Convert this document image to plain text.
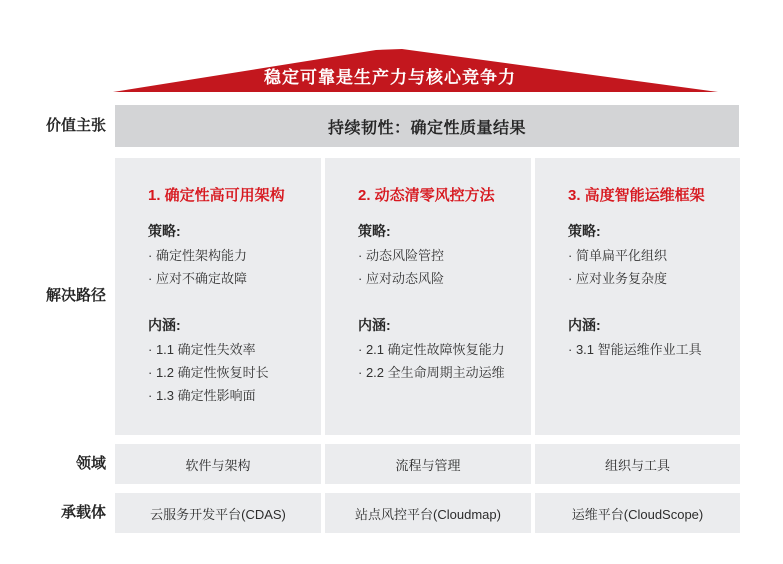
稳定可靠是生产力与核心竞争力
价值主张	持续韧性：确定性质量结果
解决路径
1. 确定性高可用架构
策略:
· 确定性架构能力
· 应对不确定故障
内涵:
· 1.1 确定性失效率
· 1.2 确定性恢复时长
· 1.3 确定性影响面
2. 动态清零风控方法
策略:
· 动态风险管控
· 应对动态风险
内涵:
· 2.1 确定性故障恢复能力
· 2.2 全生命周期主动运维
3. 高度智能运维框架
策略:
· 简单扁平化组织
· 应对业务复杂度
内涵:
· 3.1 智能运维作业工具
领域	软件与架构	流程与管理	组织与工具
承载体	云服务开发平台(CDAS)	站点风控平台(Cloudmap)	运维平台(CloudScope)
